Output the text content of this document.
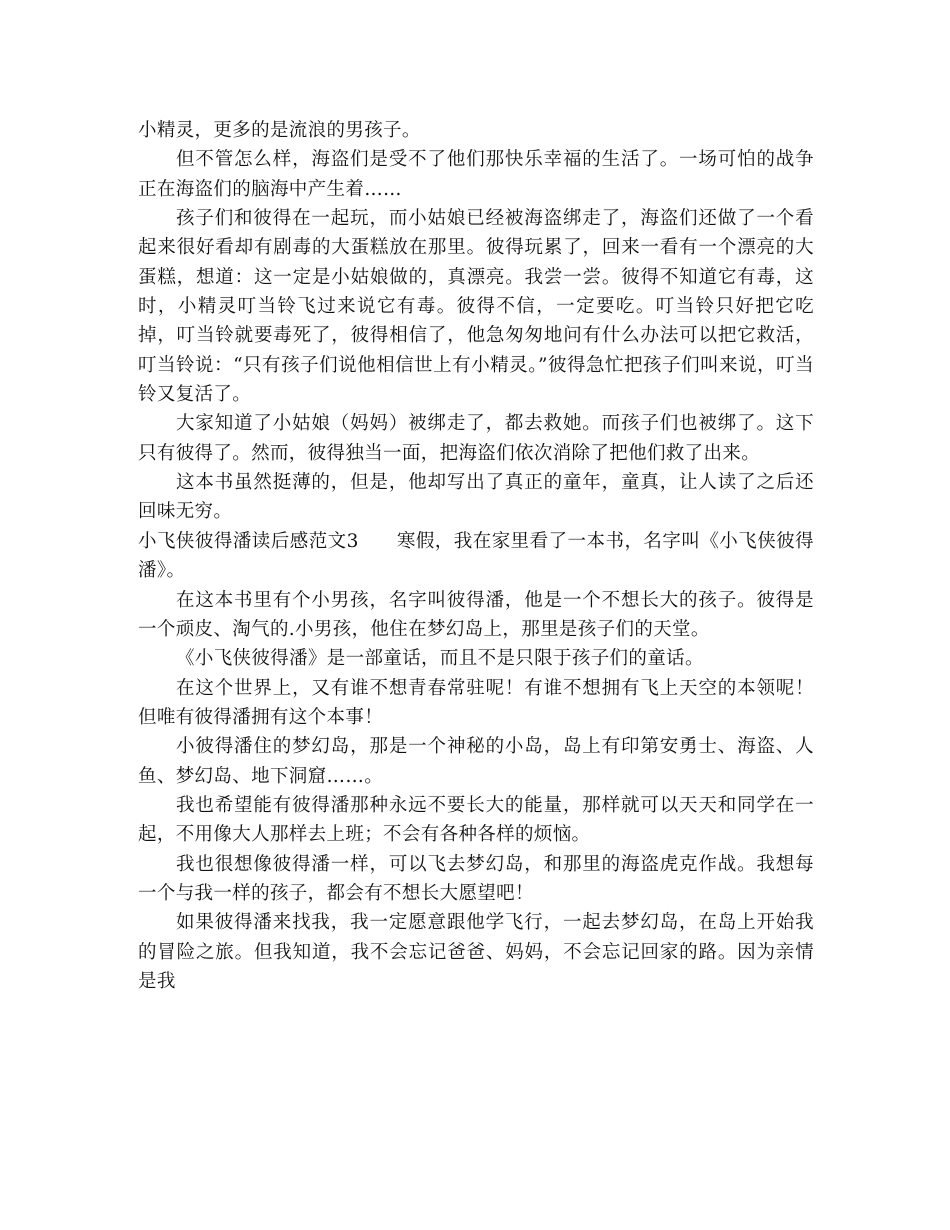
小精灵，更多的是流浪的男孩子。

但不管怎么样，海盗们是受不了他们那快乐幸福的生活了。一场可怕的战争正在海盗们的脑海中产生着……

孩子们和彼得在一起玩，而小姑娘已经被海盗绑走了，海盗们还做了一个看起来很好看却有剧毒的大蛋糕放在那里。彼得玩累了，回来一看有一个漂亮的大蛋糕，想道：这一定是小姑娘做的，真漂亮。我尝一尝。彼得不知道它有毒，这时，小精灵叮当铃飞过来说它有毒。彼得不信，一定要吃。叮当铃只好把它吃掉，叮当铃就要毒死了，彼得相信了，他急匆匆地问有什么办法可以把它救活，叮当铃说：“只有孩子们说他相信世上有小精灵。”彼得急忙把孩子们叫来说，叮当铃又复活了。

大家知道了小姑娘（妈妈）被绑走了，都去救她。而孩子们也被绑了。这下只有彼得了。然而，彼得独当一面，把海盗们依次消除了把他们救了出来。

这本书虽然挺薄的，但是，他却写出了真正的童年，童真，让人读了之后还回味无穷。

小飞侠彼得潘读后感范文3 寒假，我在家里看了一本书，名字叫《小飞侠彼得潘》。

在这本书里有个小男孩，名字叫彼得潘，他是一个不想长大的孩子。彼得是一个顽皮、淘气的.小男孩，他住在梦幻岛上，那里是孩子们的天堂。

《小飞侠彼得潘》是一部童话，而且不是只限于孩子们的童话。

在这个世界上，又有谁不想青春常驻呢！有谁不想拥有飞上天空的本领呢！但唯有彼得潘拥有这个本事！

小彼得潘住的梦幻岛，那是一个神秘的小岛，岛上有印第安勇士、海盗、人鱼、梦幻岛、地下洞窟……。

我也希望能有彼得潘那种永远不要长大的能量，那样就可以天天和同学在一起，不用像大人那样去上班；不会有各种各样的烦恼。

我也很想像彼得潘一样，可以飞去梦幻岛，和那里的海盗虎克作战。我想每一个与我一样的孩子，都会有不想长大愿望吧！

如果彼得潘来找我，我一定愿意跟他学飞行，一起去梦幻岛，在岛上开始我的冒险之旅。但我知道，我不会忘记爸爸、妈妈，不会忘记回家的路。因为亲情是我
